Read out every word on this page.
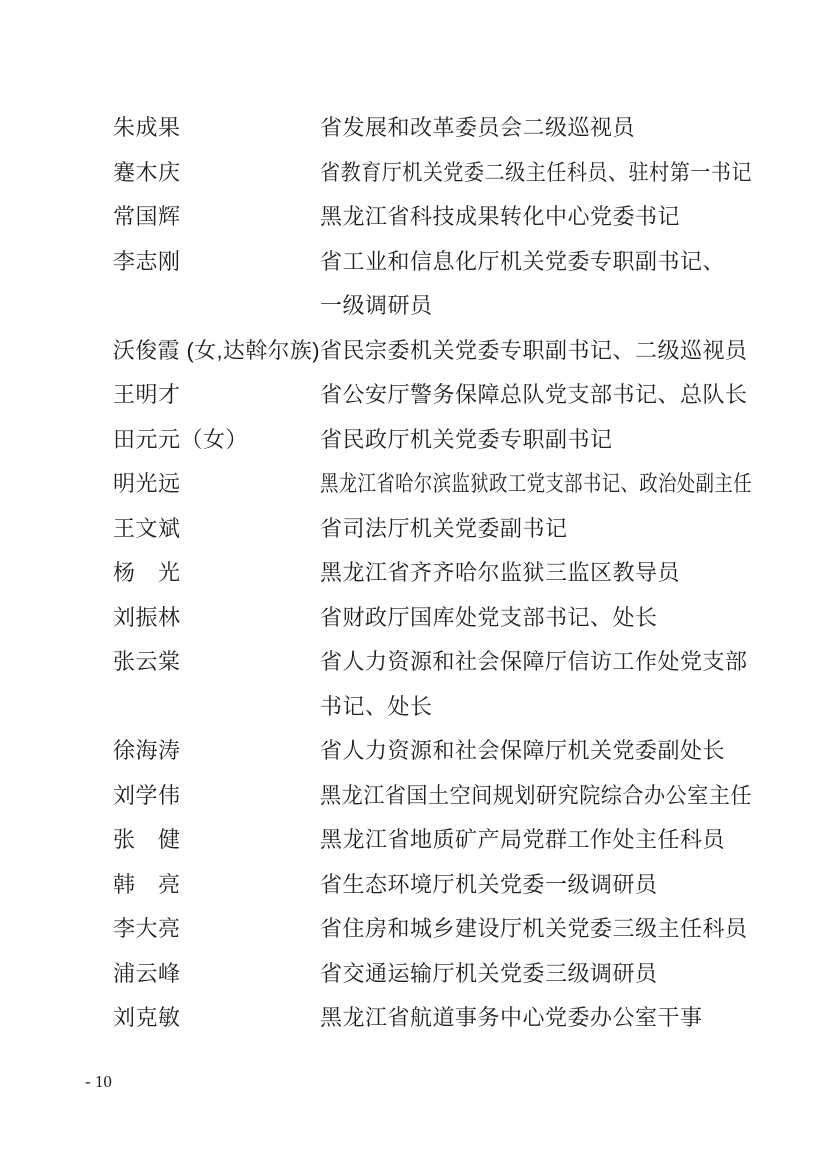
朱成果	省发展和改革委员会二级巡视员
蹇木庆	省教育厅机关党委二级主任科员、驻村第一书记
常国辉	黑龙江省科技成果转化中心党委书记
李志刚	省工业和信息化厅机关党委专职副书记、
一级调研员
沃俊霞 (女,达斡尔族) 省民宗委机关党委专职副书记、二级巡视员
王明才	省公安厅警务保障总队党支部书记、总队长
田元元（女）	省民政厅机关党委专职副书记
明光远	黑龙江省哈尔滨监狱政工党支部书记、政治处副主任
王文斌	省司法厅机关党委副书记
杨　光	黑龙江省齐齐哈尔监狱三监区教导员
刘振林	省财政厅国库处党支部书记、处长
张云棠	省人力资源和社会保障厅信访工作处党支部
书记、处长
徐海涛	省人力资源和社会保障厅机关党委副处长
刘学伟	黑龙江省国土空间规划研究院综合办公室主任
张　健	黑龙江省地质矿产局党群工作处主任科员
韩　亮	省生态环境厅机关党委一级调研员
李大亮	省住房和城乡建设厅机关党委三级主任科员
浦云峰	省交通运输厅机关党委三级调研员
刘克敏	黑龙江省航道事务中心党委办公室干事
- 10
